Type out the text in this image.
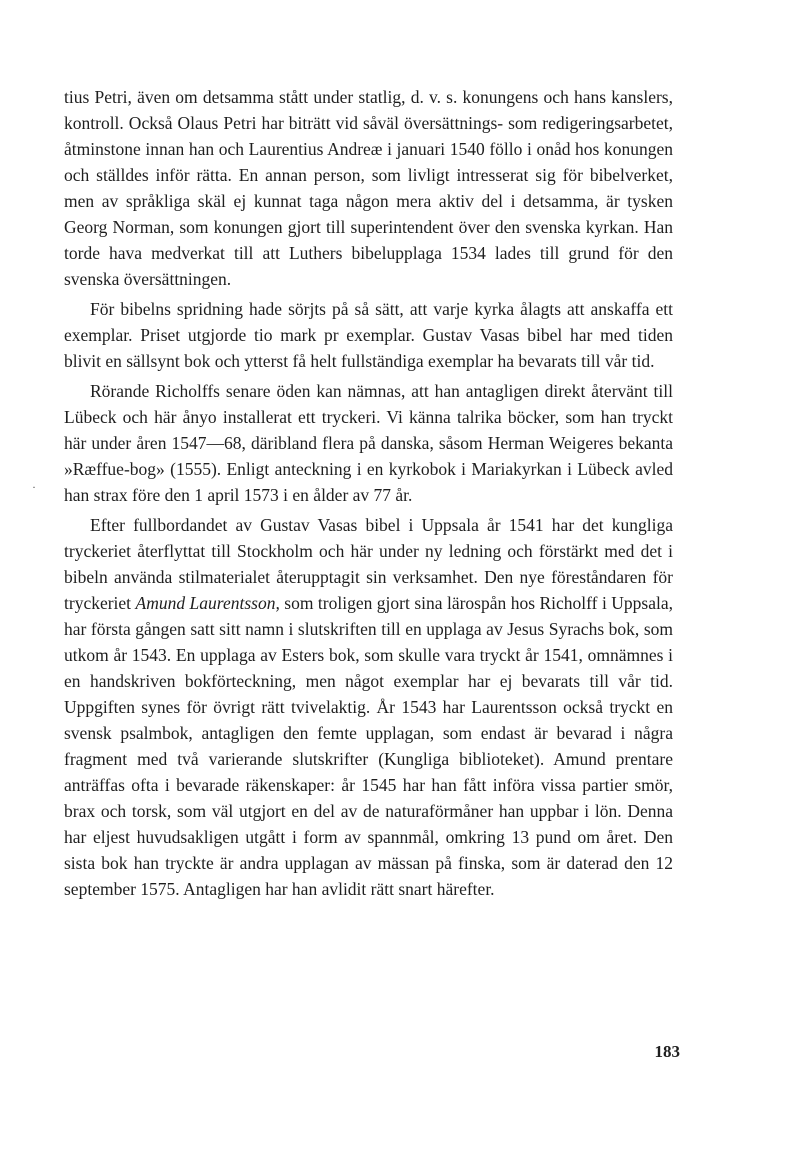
tius Petri, även om detsamma stått under statlig, d. v. s. konungens och hans kanslers, kontroll. Också Olaus Petri har biträtt vid såväl översättnings- som redigeringsarbetet, åtminstone innan han och Laurentius Andreæ i januari 1540 föllo i onåd hos konungen och ställdes inför rätta. En annan person, som livligt intresserat sig för bibelverket, men av språkliga skäl ej kunnat taga någon mera aktiv del i detsamma, är tysken Georg Norman, som konungen gjort till superintendent över den svenska kyrkan. Han torde hava medverkat till att Luthers bibelupplaga 1534 lades till grund för den svenska översättningen.

För bibelns spridning hade sörjts på så sätt, att varje kyrka ålagts att anskaffa ett exemplar. Priset utgjorde tio mark pr exemplar. Gustav Vasas bibel har med tiden blivit en sällsynt bok och ytterst få helt fullständiga exemplar ha bevarats till vår tid.

Rörande Richolffs senare öden kan nämnas, att han antagligen direkt återvänt till Lübeck och här ånyo installerat ett tryckeri. Vi känna talrika böcker, som han tryckt här under åren 1547—68, däribland flera på danska, såsom Herman Weigeres bekanta »Ræffue-bog» (1555). Enligt anteckning i en kyrkobok i Mariakyrkan i Lübeck avled han strax före den 1 april 1573 i en ålder av 77 år.

Efter fullbordandet av Gustav Vasas bibel i Uppsala år 1541 har det kungliga tryckeriet återflyttat till Stockholm och här under ny ledning och förstärkt med det i bibeln använda stilmaterialet återupptagit sin verksamhet. Den nye föreståndaren för tryckeriet Amund Laurentsson, som troligen gjort sina lärospån hos Richolff i Uppsala, har första gången satt sitt namn i slutskriften till en upplaga av Jesus Syrachs bok, som utkom år 1543. En upplaga av Esters bok, som skulle vara tryckt år 1541, omnämnes i en handskriven bokförteckning, men något exemplar har ej bevarats till vår tid. Uppgiften synes för övrigt rätt tvivelaktig. År 1543 har Laurentsson också tryckt en svensk psalmbok, antagligen den femte upplagan, som endast är bevarad i några fragment med två varierande slutskrifter (Kungliga biblioteket). Amund prentare anträffas ofta i bevarade räkenskaper: år 1545 har han fått införa vissa partier smör, brax och torsk, som väl utgjort en del av de naturaförmåner han uppbar i lön. Denna har eljest huvudsakligen utgått i form av spannmål, omkring 13 pund om året. Den sista bok han tryckte är andra upplagan av mässan på finska, som är daterad den 12 september 1575. Antagligen har han avlidit rätt snart härefter.

·
183
